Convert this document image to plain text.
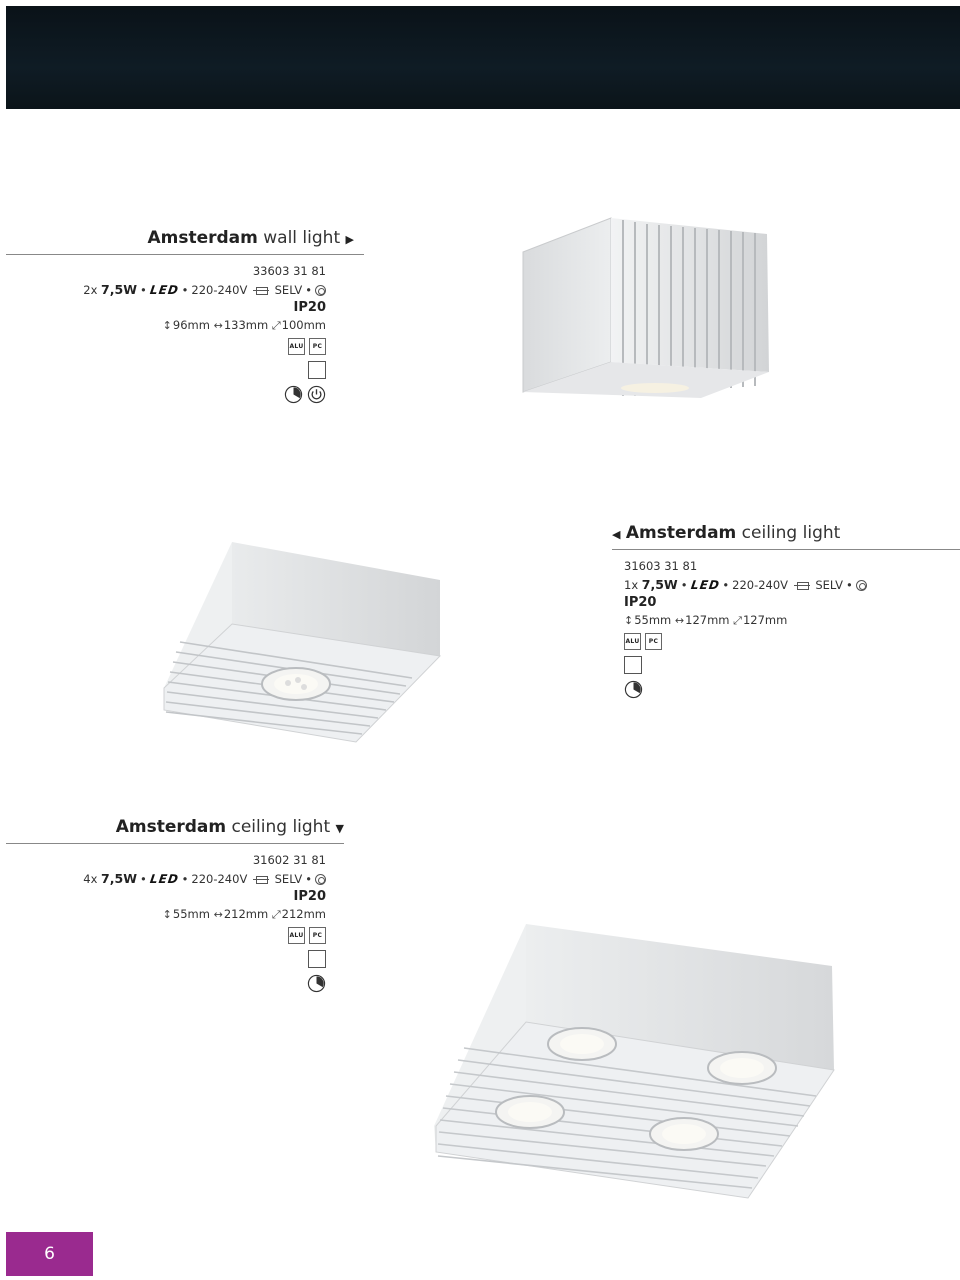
Amsterdam wall light ▶
33603 31 81
2x 7,5W • LED • 220-240V SELV •
IP20
↕96mm ↔133mm ⤢100mm
ALU	PC
◀ Amsterdam ceiling light
31603 31 81
1x 7,5W • LED • 220-240V SELV •
IP20
↕55mm ↔127mm ⤢127mm
ALU	PC
Amsterdam ceiling light ▼
31602 31 81
4x 7,5W • LED • 220-240V SELV •
IP20
↕55mm ↔212mm ⤢212mm
ALU	PC
6
